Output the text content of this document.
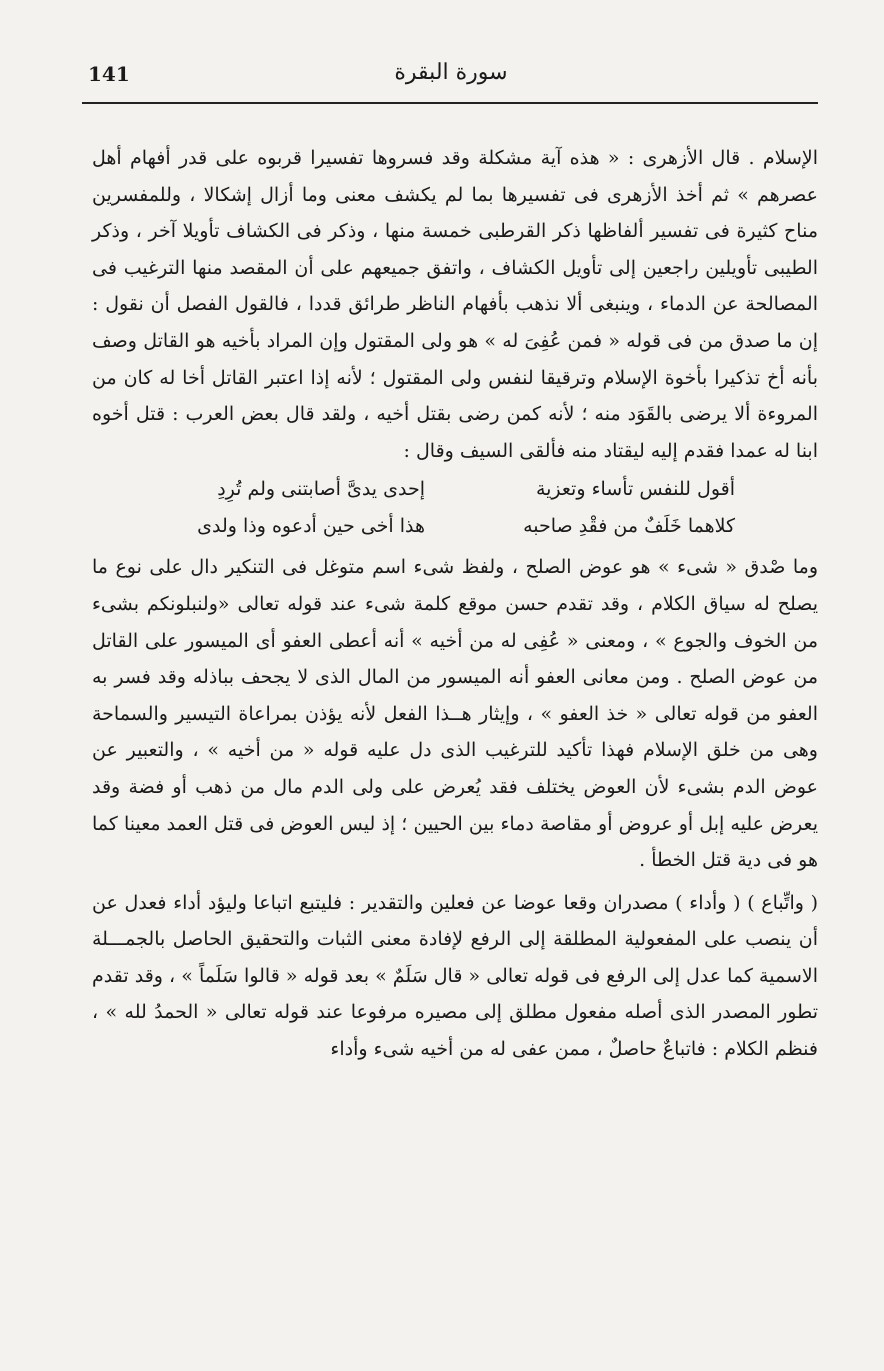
141	سورة البقرة

الإسلام . قال الأزهرى : « هذه آية مشكلة وقد فسروها تفسيرا قربوه على قدر أفهام أهل عصرهم » ثم أخذ الأزهرى فى تفسيرها بما لم يكشف معنى وما أزال إشكالا ، وللمفسرين مناح كثيرة فى تفسير ألفاظها ذكر القرطبى خمسة منها ، وذكر فى الكشاف تأويلا آخر ، وذكر الطيبى تأويلين راجعين إلى تأويل الكشاف ، واتفق جميعهم على أن المقصد منها الترغيب فى المصالحة عن الدماء ، وينبغى ألا نذهب بأفهام الناظر طرائق قددا ، فالقول الفصل أن نقول : إن ما صدق من فى قوله « فمن عُفِىَ له » هو ولى المقتول وإن المراد بأخيه هو القاتل وصف بأنه أخ تذكيرا بأخوة الإسلام وترقيقا لنفس ولى المقتول ؛ لأنه إذا اعتبر القاتل أخا له كان من المروءة ألا يرضى بالقَوَد منه ؛ لأنه كمن رضى بقتل أخيه ، ولقد قال بعض العرب : قتل أخوه ابنا له عمدا فقدم إليه ليقتاد منه فألقى السيف وقال :

أقول للنفس تأساء وتعزية
إحدى يدىَّ أصابتنى ولم تُرِدِ
كلاهما خَلَفٌ من فقْدِ صاحبه
هذا أخى حين أدعوه وذا ولدى

وما صْدق « شىء » هو عوض الصلح ، ولفظ شىء اسم متوغل فى التنكير دال على نوع ما يصلح له سياق الكلام ، وقد تقدم حسن موقع كلمة شىء عند قوله تعالى «ولنبلونكم بشىء من الخوف والجوع » ، ومعنى « عُفِى له من أخيه » أنه أعطى العفو أى الميسور على القاتل من عوض الصلح . ومن معانى العفو أنه الميسور من المال الذى لا يجحف بباذله وقد فسر به العفو من قوله تعالى « خذ العفو » ، وإيثار هــذا الفعل لأنه يؤذن بمراعاة التيسير والسماحة وهى من خلق الإسلام فهذا تأكيد للترغيب الذى دل عليه قوله « من أخيه » ، والتعبير عن عوض الدم بشىء لأن العوض يختلف فقد يُعرض على ولى الدم مال من ذهب أو فضة وقد يعرض عليه إبل أو عروض أو مقاصة دماء بين الحيين ؛ إذ ليس العوض فى قتل العمد معينا كما هو فى دية قتل الخطأ .

( واتِّباع ) ( وأداء ) مصدران وقعا عوضا عن فعلين والتقدير : فليتبع اتباعا وليؤد أداء فعدل عن أن ينصب على المفعولية المطلقة إلى الرفع لإفادة معنى الثبات والتحقيق الحاصل بالجمـــلة الاسمية كما عدل إلى الرفع فى قوله تعالى « قال سَلَمٌ » بعد قوله « قالوا سَلَماً » ، وقد تقدم تطور المصدر الذى أصله مفعول مطلق إلى مصيره مرفوعا عند قوله تعالى « الحمدُ لله » ، فنظم الكلام : فاتباعٌ حاصلٌ ، ممن عفى له من أخيه شىء وأداء
